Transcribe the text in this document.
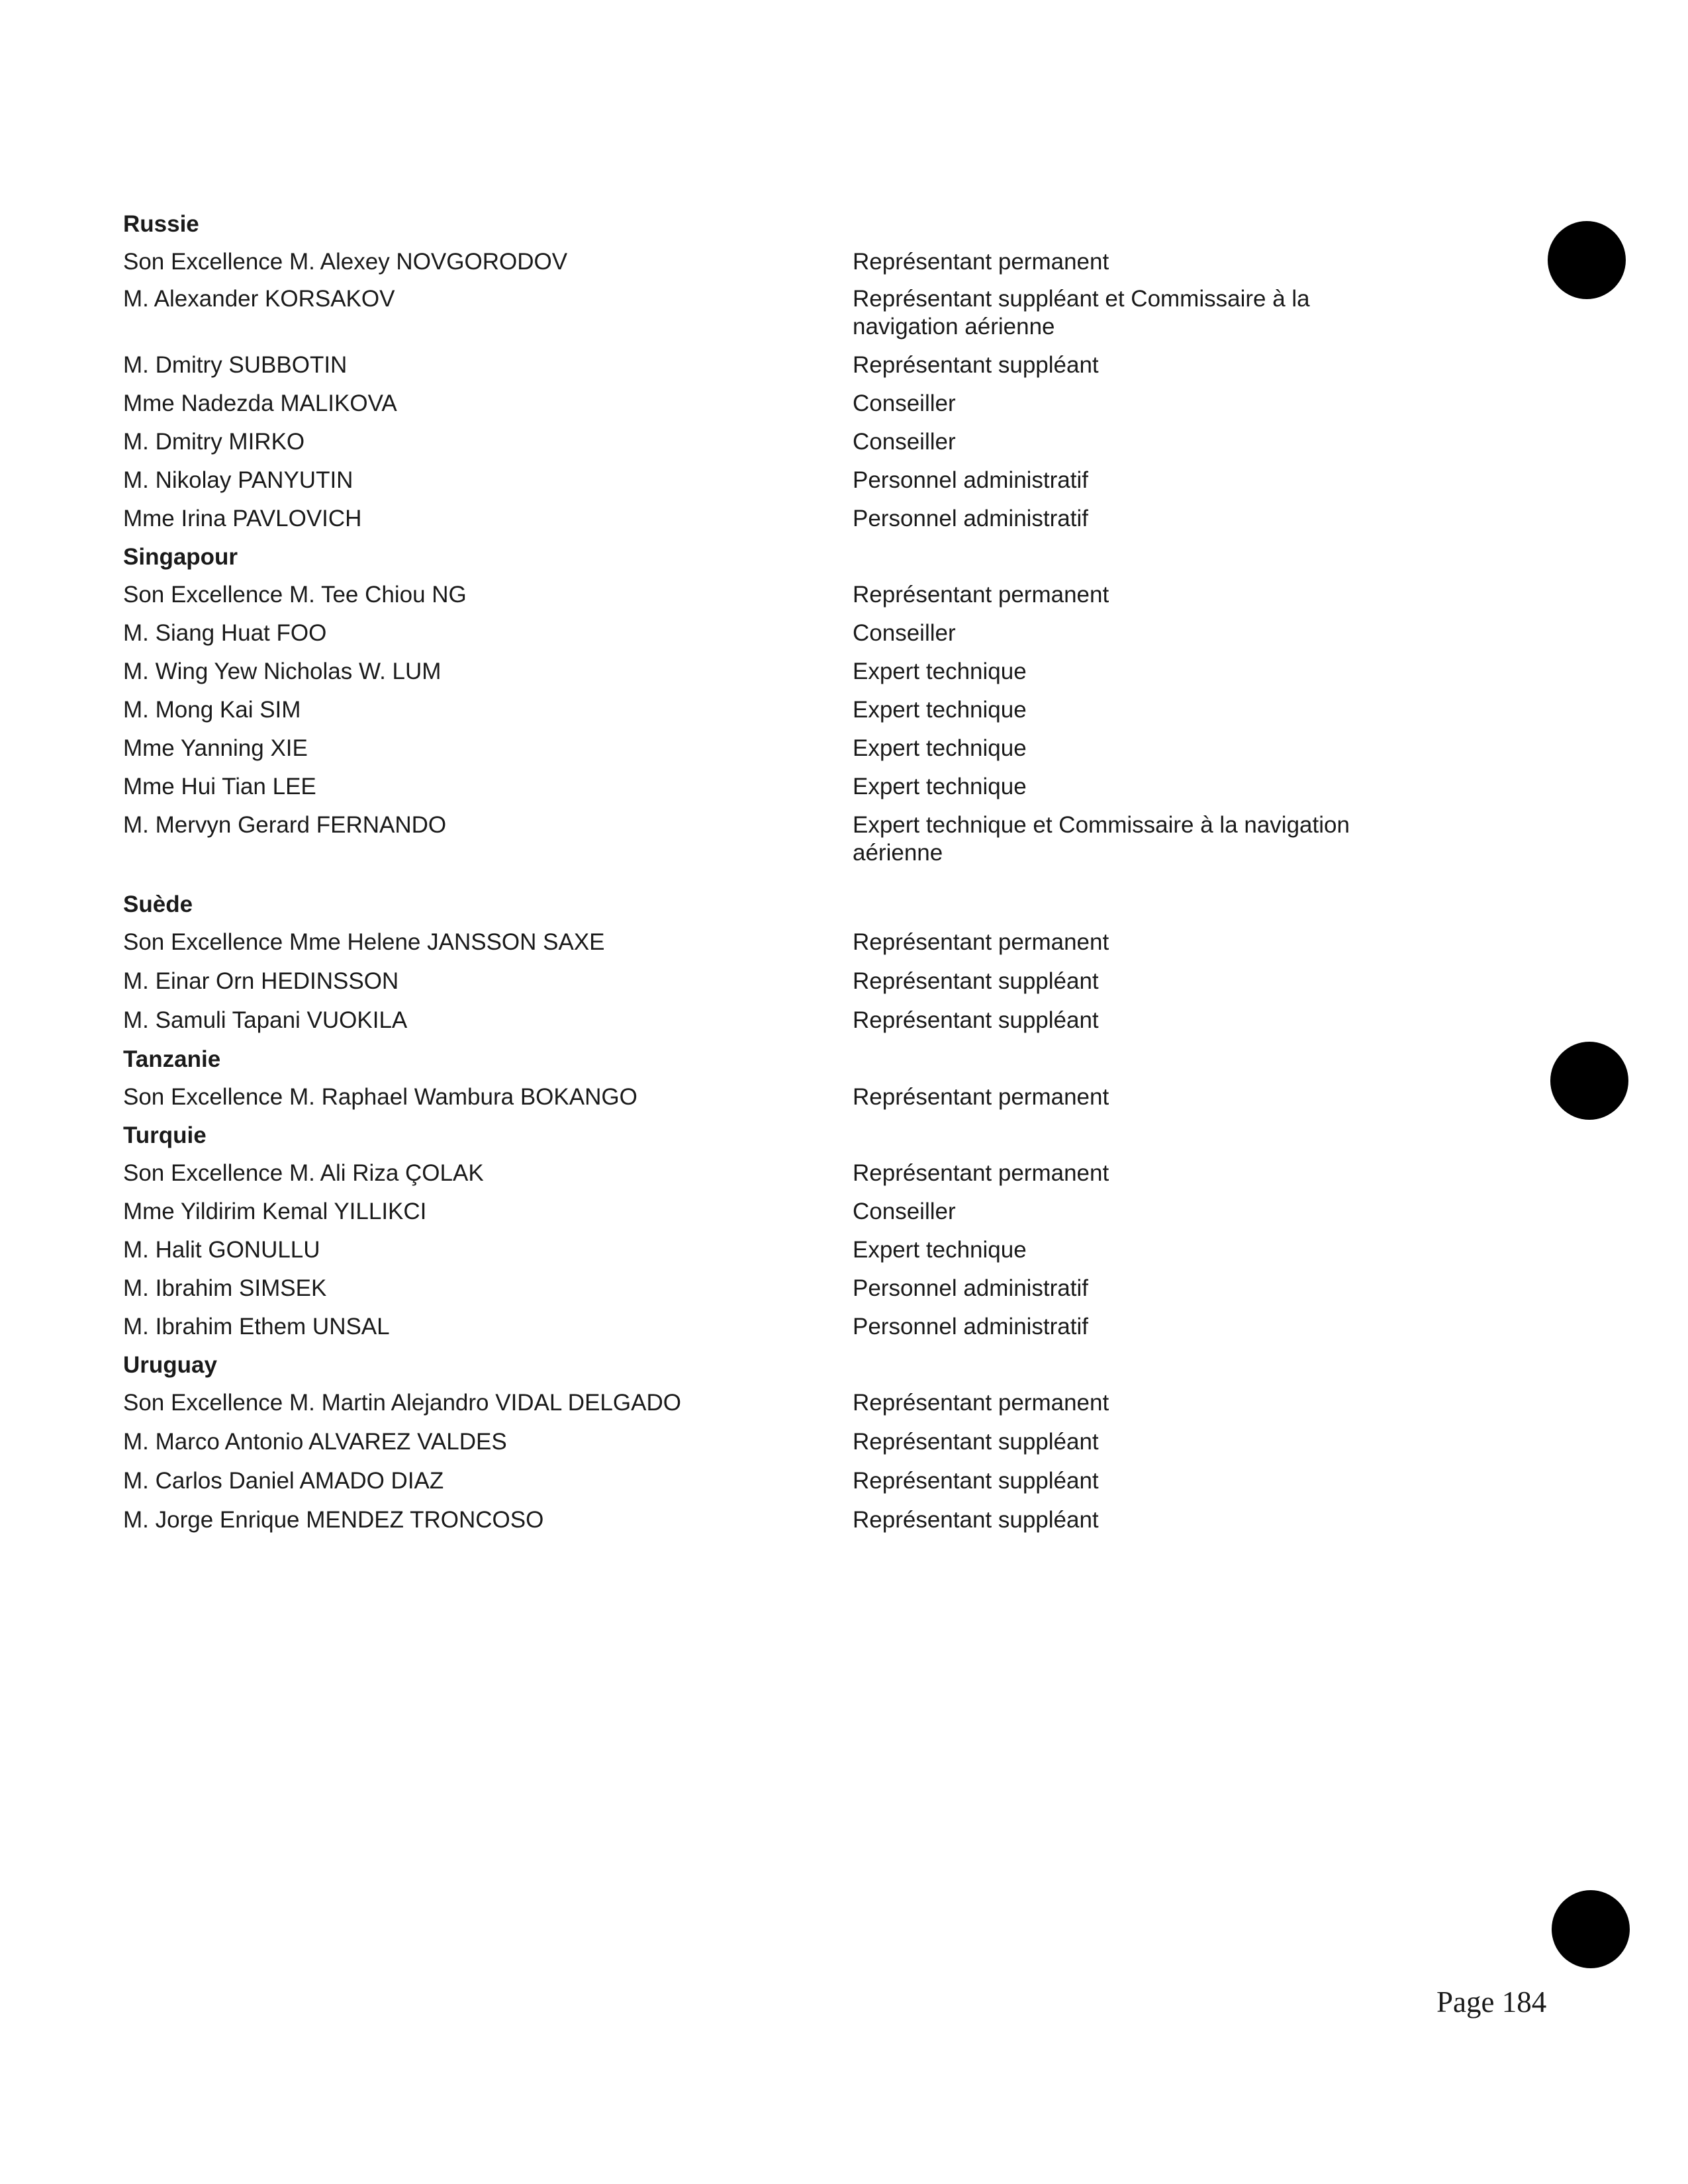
Russie
Son Excellence M. Alexey NOVGORODOV	Représentant permanent
M. Alexander KORSAKOV	Représentant suppléant et Commissaire à la navigation aérienne
M. Dmitry SUBBOTIN	Représentant suppléant
Mme Nadezda MALIKOVA	Conseiller
M. Dmitry MIRKO	Conseiller
M. Nikolay PANYUTIN	Personnel administratif
Mme Irina PAVLOVICH	Personnel administratif
Singapour
Son Excellence M. Tee Chiou NG	Représentant permanent
M. Siang Huat FOO	Conseiller
M. Wing Yew Nicholas W. LUM	Expert technique
M. Mong Kai SIM	Expert technique
Mme Yanning XIE	Expert technique
Mme Hui Tian LEE	Expert technique
M. Mervyn Gerard FERNANDO	Expert technique et Commissaire à la navigation aérienne
Suède
Son Excellence Mme Helene JANSSON SAXE	Représentant permanent
M. Einar Orn HEDINSSON	Représentant suppléant
M. Samuli Tapani VUOKILA	Représentant suppléant
Tanzanie
Son Excellence M. Raphael Wambura BOKANGO	Représentant permanent
Turquie
Son Excellence M. Ali Riza ÇOLAK	Représentant permanent
Mme Yildirim Kemal YILLIKCI	Conseiller
M. Halit GONULLU	Expert technique
M. Ibrahim SIMSEK	Personnel administratif
M. Ibrahim Ethem UNSAL	Personnel administratif
Uruguay
Son Excellence M. Martin Alejandro VIDAL DELGADO	Représentant permanent
M. Marco Antonio ALVAREZ VALDES	Représentant suppléant
M. Carlos Daniel AMADO DIAZ	Représentant suppléant
M. Jorge Enrique MENDEZ TRONCOSO	Représentant suppléant
Page 184
